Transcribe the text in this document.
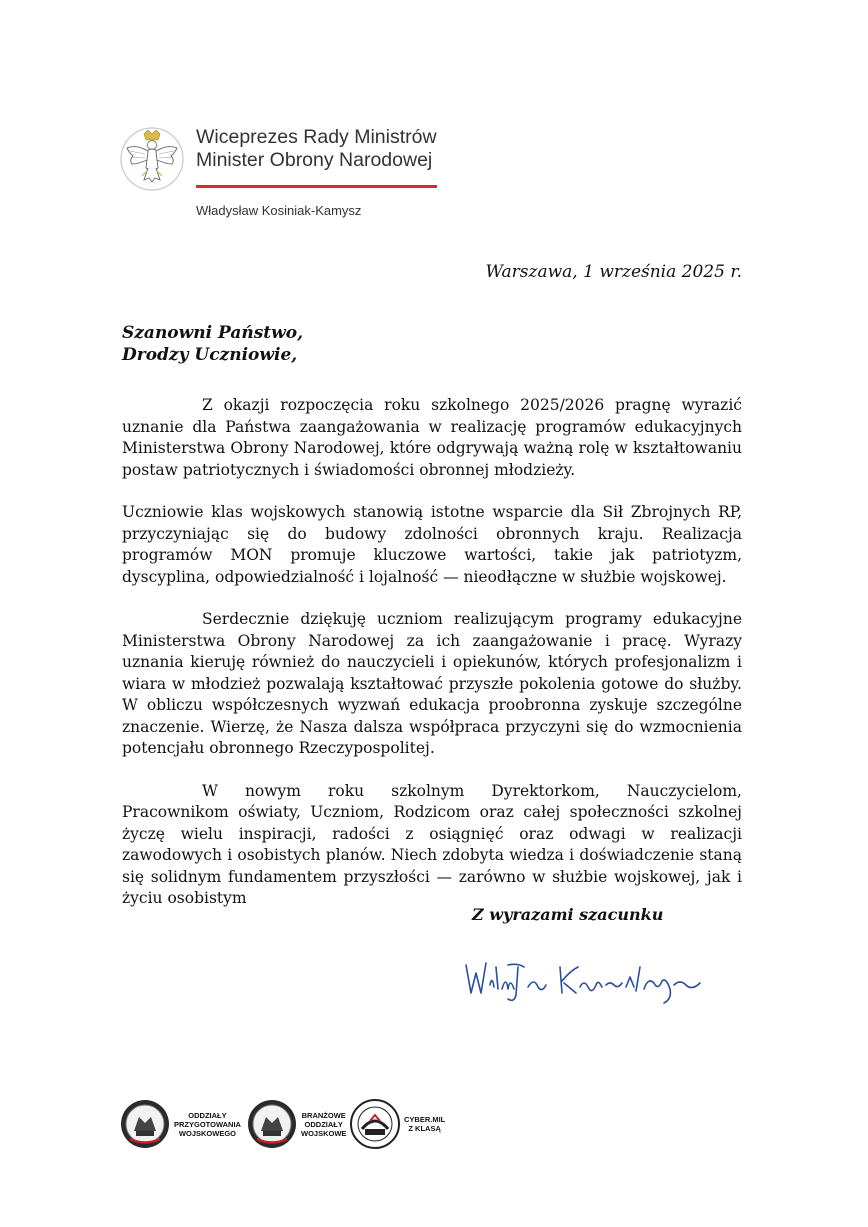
Wiceprezes Rady Ministrów
Minister Obrony Narodowej
Władysław Kosiniak-Kamysz
Warszawa, 1 września 2025 r.
Szanowni Państwo,
Drodzy Uczniowie,

Z okazji rozpoczęcia roku szkolnego 2025/2026 pragnę wyrazić uznanie dla Państwa zaangażowania w realizację programów edukacyjnych Ministerstwa Obrony Narodowej, które odgrywają ważną rolę w kształtowaniu postaw patriotycznych i świadomości obronnej młodzieży.

Uczniowie klas wojskowych stanowią istotne wsparcie dla Sił Zbrojnych RP, przyczyniając się do budowy zdolności obronnych kraju. Realizacja programów MON promuje kluczowe wartości, takie jak patriotyzm, dyscyplina, odpowiedzialność i lojalność — nieodłączne w służbie wojskowej.

Serdecznie dziękuję uczniom realizującym programy edukacyjne Ministerstwa Obrony Narodowej za ich zaangażowanie i pracę. Wyrazy uznania kieruję również do nauczycieli i opiekunów, których profesjonalizm i wiara w młodzież pozwalają kształtować przyszłe pokolenia gotowe do służby. W obliczu współczesnych wyzwań edukacja proobronna zyskuje szczególne znaczenie. Wierzę, że Nasza dalsza współpraca przyczyni się do wzmocnienia potencjału obronnego Rzeczypospolitej.

W nowym roku szkolnym Dyrektorkom, Nauczycielom, Pracownikom oświaty, Uczniom, Rodzicom oraz całej społeczności szkolnej życzę wielu inspiracji, radości z osiągnięć oraz odwagi w realizacji zawodowych i osobistych planów. Niech zdobyta wiedza i doświadczenie staną się solidnym fundamentem przyszłości — zarówno w służbie wojskowej, jak i życiu osobistym

Z wyrazami szacunku
ODDZIAŁY
PRZYGOTOWANIA
WOJSKOWEGO
BRANŻOWE
ODDZIAŁY
WOJSKOWE
CYBER.MIL
Z KLASĄ
